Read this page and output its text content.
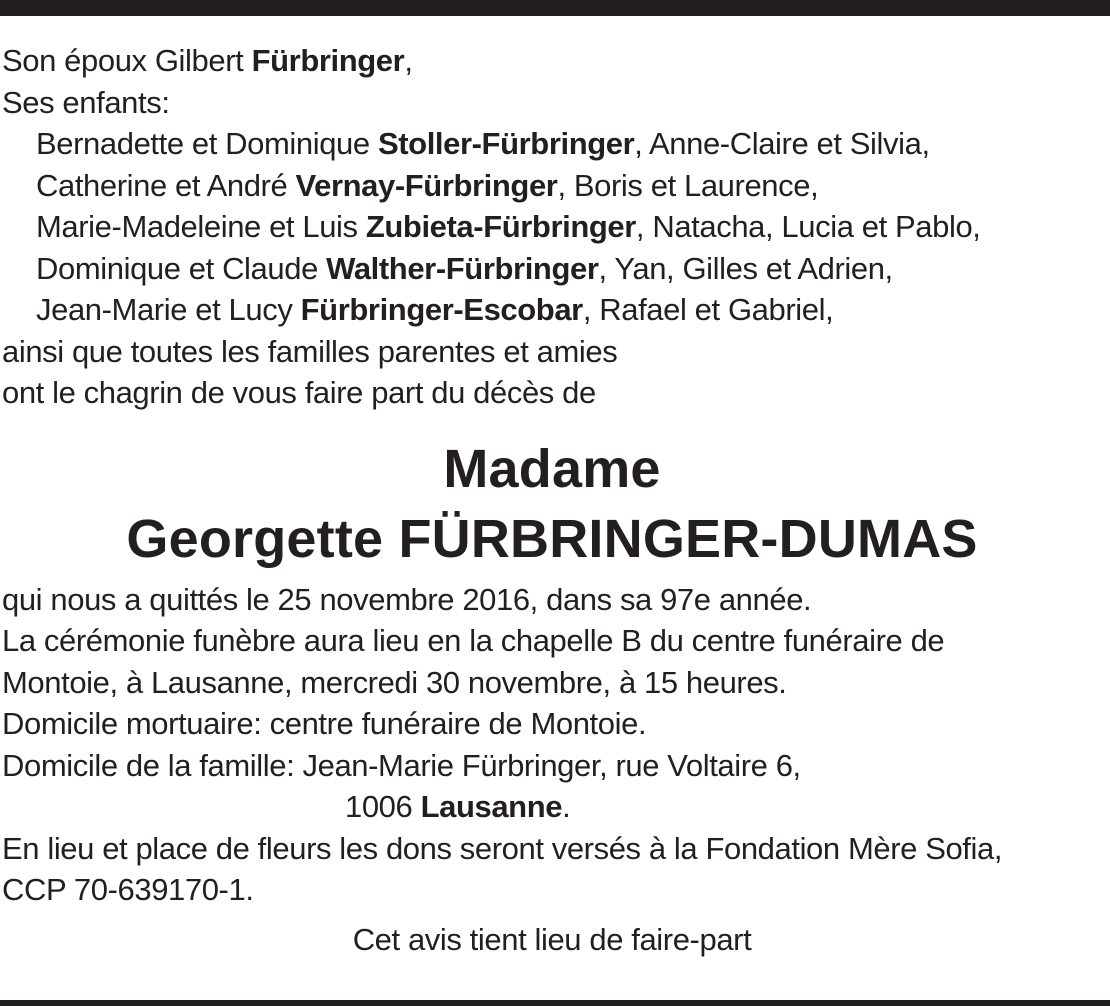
Son époux Gilbert Fürbringer,
Ses enfants:
Bernadette et Dominique Stoller-Fürbringer, Anne-Claire et Silvia,
Catherine et André Vernay-Fürbringer, Boris et Laurence,
Marie-Madeleine et Luis Zubieta-Fürbringer, Natacha, Lucia et Pablo,
Dominique et Claude Walther-Fürbringer, Yan, Gilles et Adrien,
Jean-Marie et Lucy Fürbringer-Escobar, Rafael et Gabriel,
ainsi que toutes les familles parentes et amies
ont le chagrin de vous faire part du décès de
Madame
Georgette FÜRBRINGER-DUMAS
qui nous a quittés le 25 novembre 2016, dans sa 97e année.
La cérémonie funèbre aura lieu en la chapelle B du centre funéraire de
Montoie, à Lausanne, mercredi 30 novembre, à 15 heures.
Domicile mortuaire: centre funéraire de Montoie.
Domicile de la famille: Jean-Marie Fürbringer, rue Voltaire 6,
1006 Lausanne.
En lieu et place de fleurs les dons seront versés à la Fondation Mère Sofia,
CCP 70-639170-1.
Cet avis tient lieu de faire-part
